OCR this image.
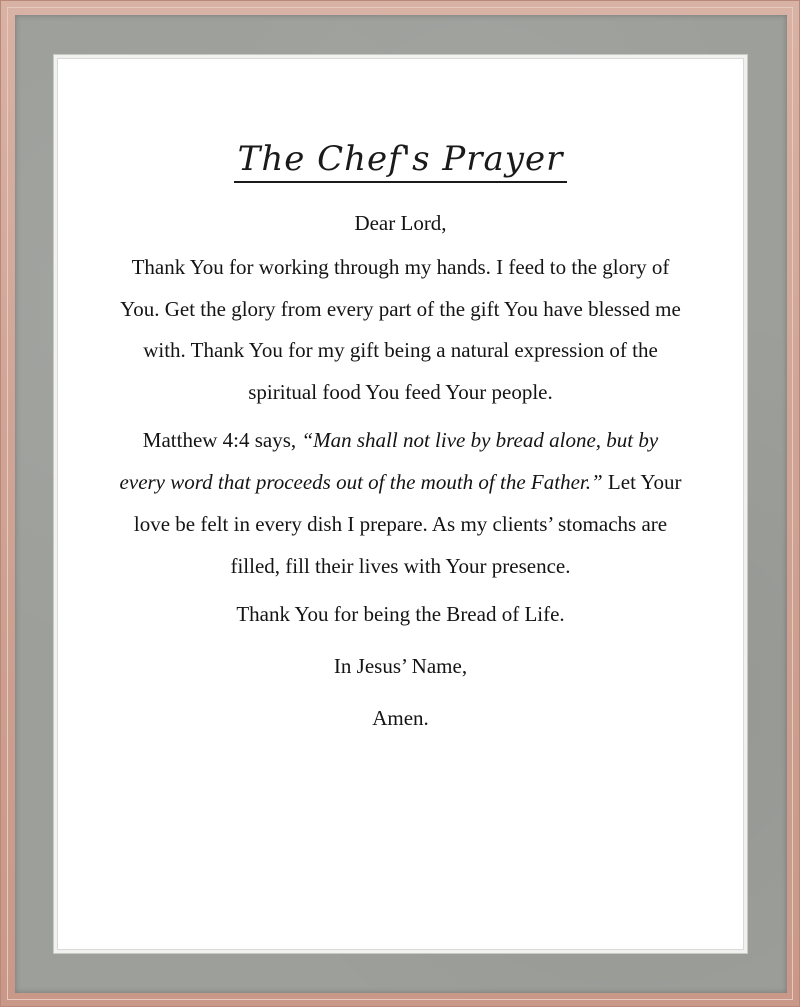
The Chef's Prayer

Dear Lord,

Thank You for working through my hands. I feed to the glory of You. Get the glory from every part of the gift You have blessed me with. Thank You for my gift being a natural expression of the spiritual food You feed Your people.

Matthew 4:4 says, “Man shall not live by bread alone, but by every word that proceeds out of the mouth of the Father.” Let Your love be felt in every dish I prepare. As my clients’ stomachs are filled, fill their lives with Your presence.

Thank You for being the Bread of Life.

In Jesus’ Name,

Amen.
